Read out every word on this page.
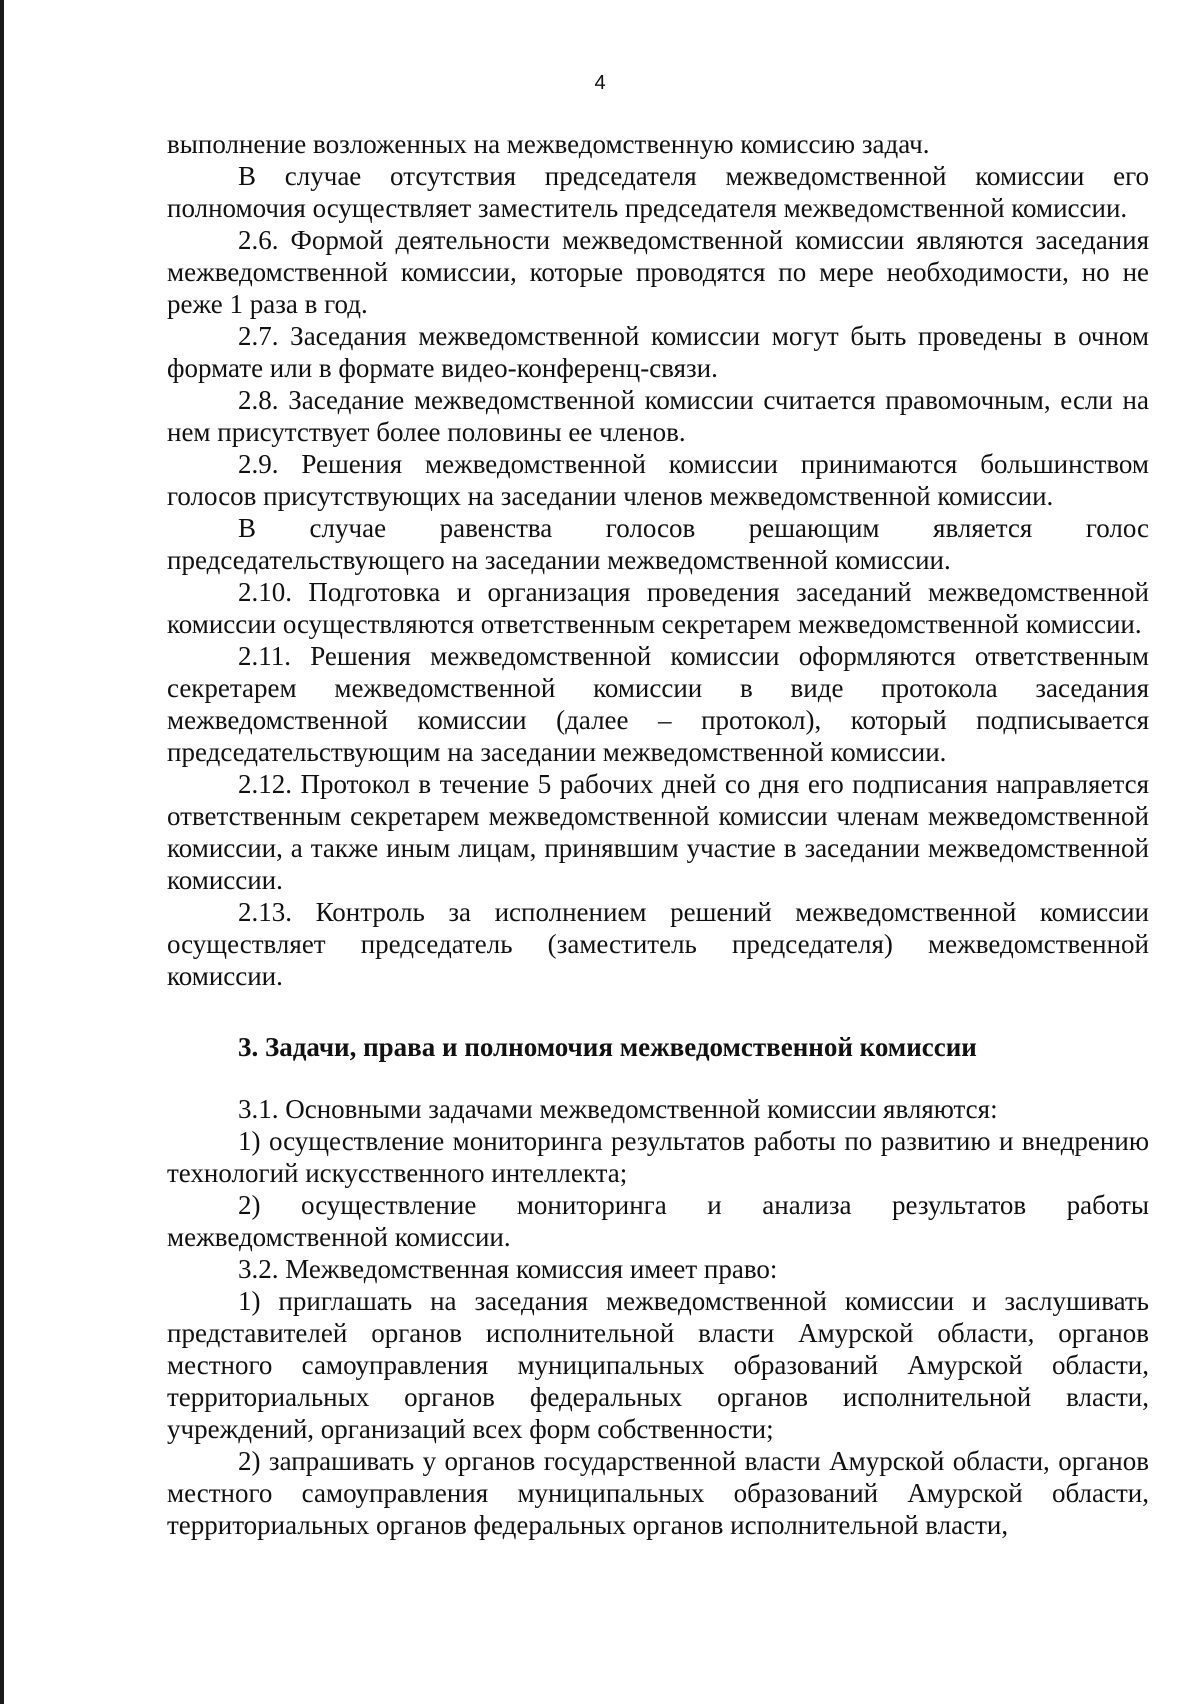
4

выполнение возложенных на межведомственную комиссию задач.

В случае отсутствия председателя межведомственной комиссии его полномочия осуществляет заместитель председателя межведомственной комиссии.

2.6. Формой деятельности межведомственной комиссии являются заседания межведомственной комиссии, которые проводятся по мере необходимости, но не реже 1 раза в год.

2.7. Заседания межведомственной комиссии могут быть проведены в очном формате или в формате видео-конференц-связи.

2.8. Заседание межведомственной комиссии считается правомочным, если на нем присутствует более половины ее членов.

2.9. Решения межведомственной комиссии принимаются большинством голосов присутствующих на заседании членов межведомственной комиссии.

В случае равенства голосов решающим является голос председательствующего на заседании межведомственной комиссии.

2.10. Подготовка и организация проведения заседаний межведомственной комиссии осуществляются ответственным секретарем межведомственной комиссии.

2.11. Решения межведомственной комиссии оформляются ответственным секретарем межведомственной комиссии в виде протокола заседания межведомственной комиссии (далее – протокол), который подписывается председательствующим на заседании межведомственной комиссии.

2.12. Протокол в течение 5 рабочих дней со дня его подписания направляется ответственным секретарем межведомственной комиссии членам межведомственной комиссии, а также иным лицам, принявшим участие в заседании межведомственной комиссии.

2.13. Контроль за исполнением решений межведомственной комиссии осуществляет председатель (заместитель председателя) межведомственной комиссии.

3. Задачи, права и полномочия межведомственной комиссии

3.1. Основными задачами межведомственной комиссии являются:

1) осуществление мониторинга результатов работы по развитию и внедрению технологий искусственного интеллекта;

2) осуществление мониторинга и анализа результатов работы межведомственной комиссии.

3.2. Межведомственная комиссия имеет право:

1) приглашать на заседания межведомственной комиссии и заслушивать представителей органов исполнительной власти Амурской области, органов местного самоуправления муниципальных образований Амурской области, территориальных органов федеральных органов исполнительной власти, учреждений, организаций всех форм собственности;

2) запрашивать у органов государственной власти Амурской области, органов местного самоуправления муниципальных образований Амурской области, территориальных органов федеральных органов исполнительной власти,
